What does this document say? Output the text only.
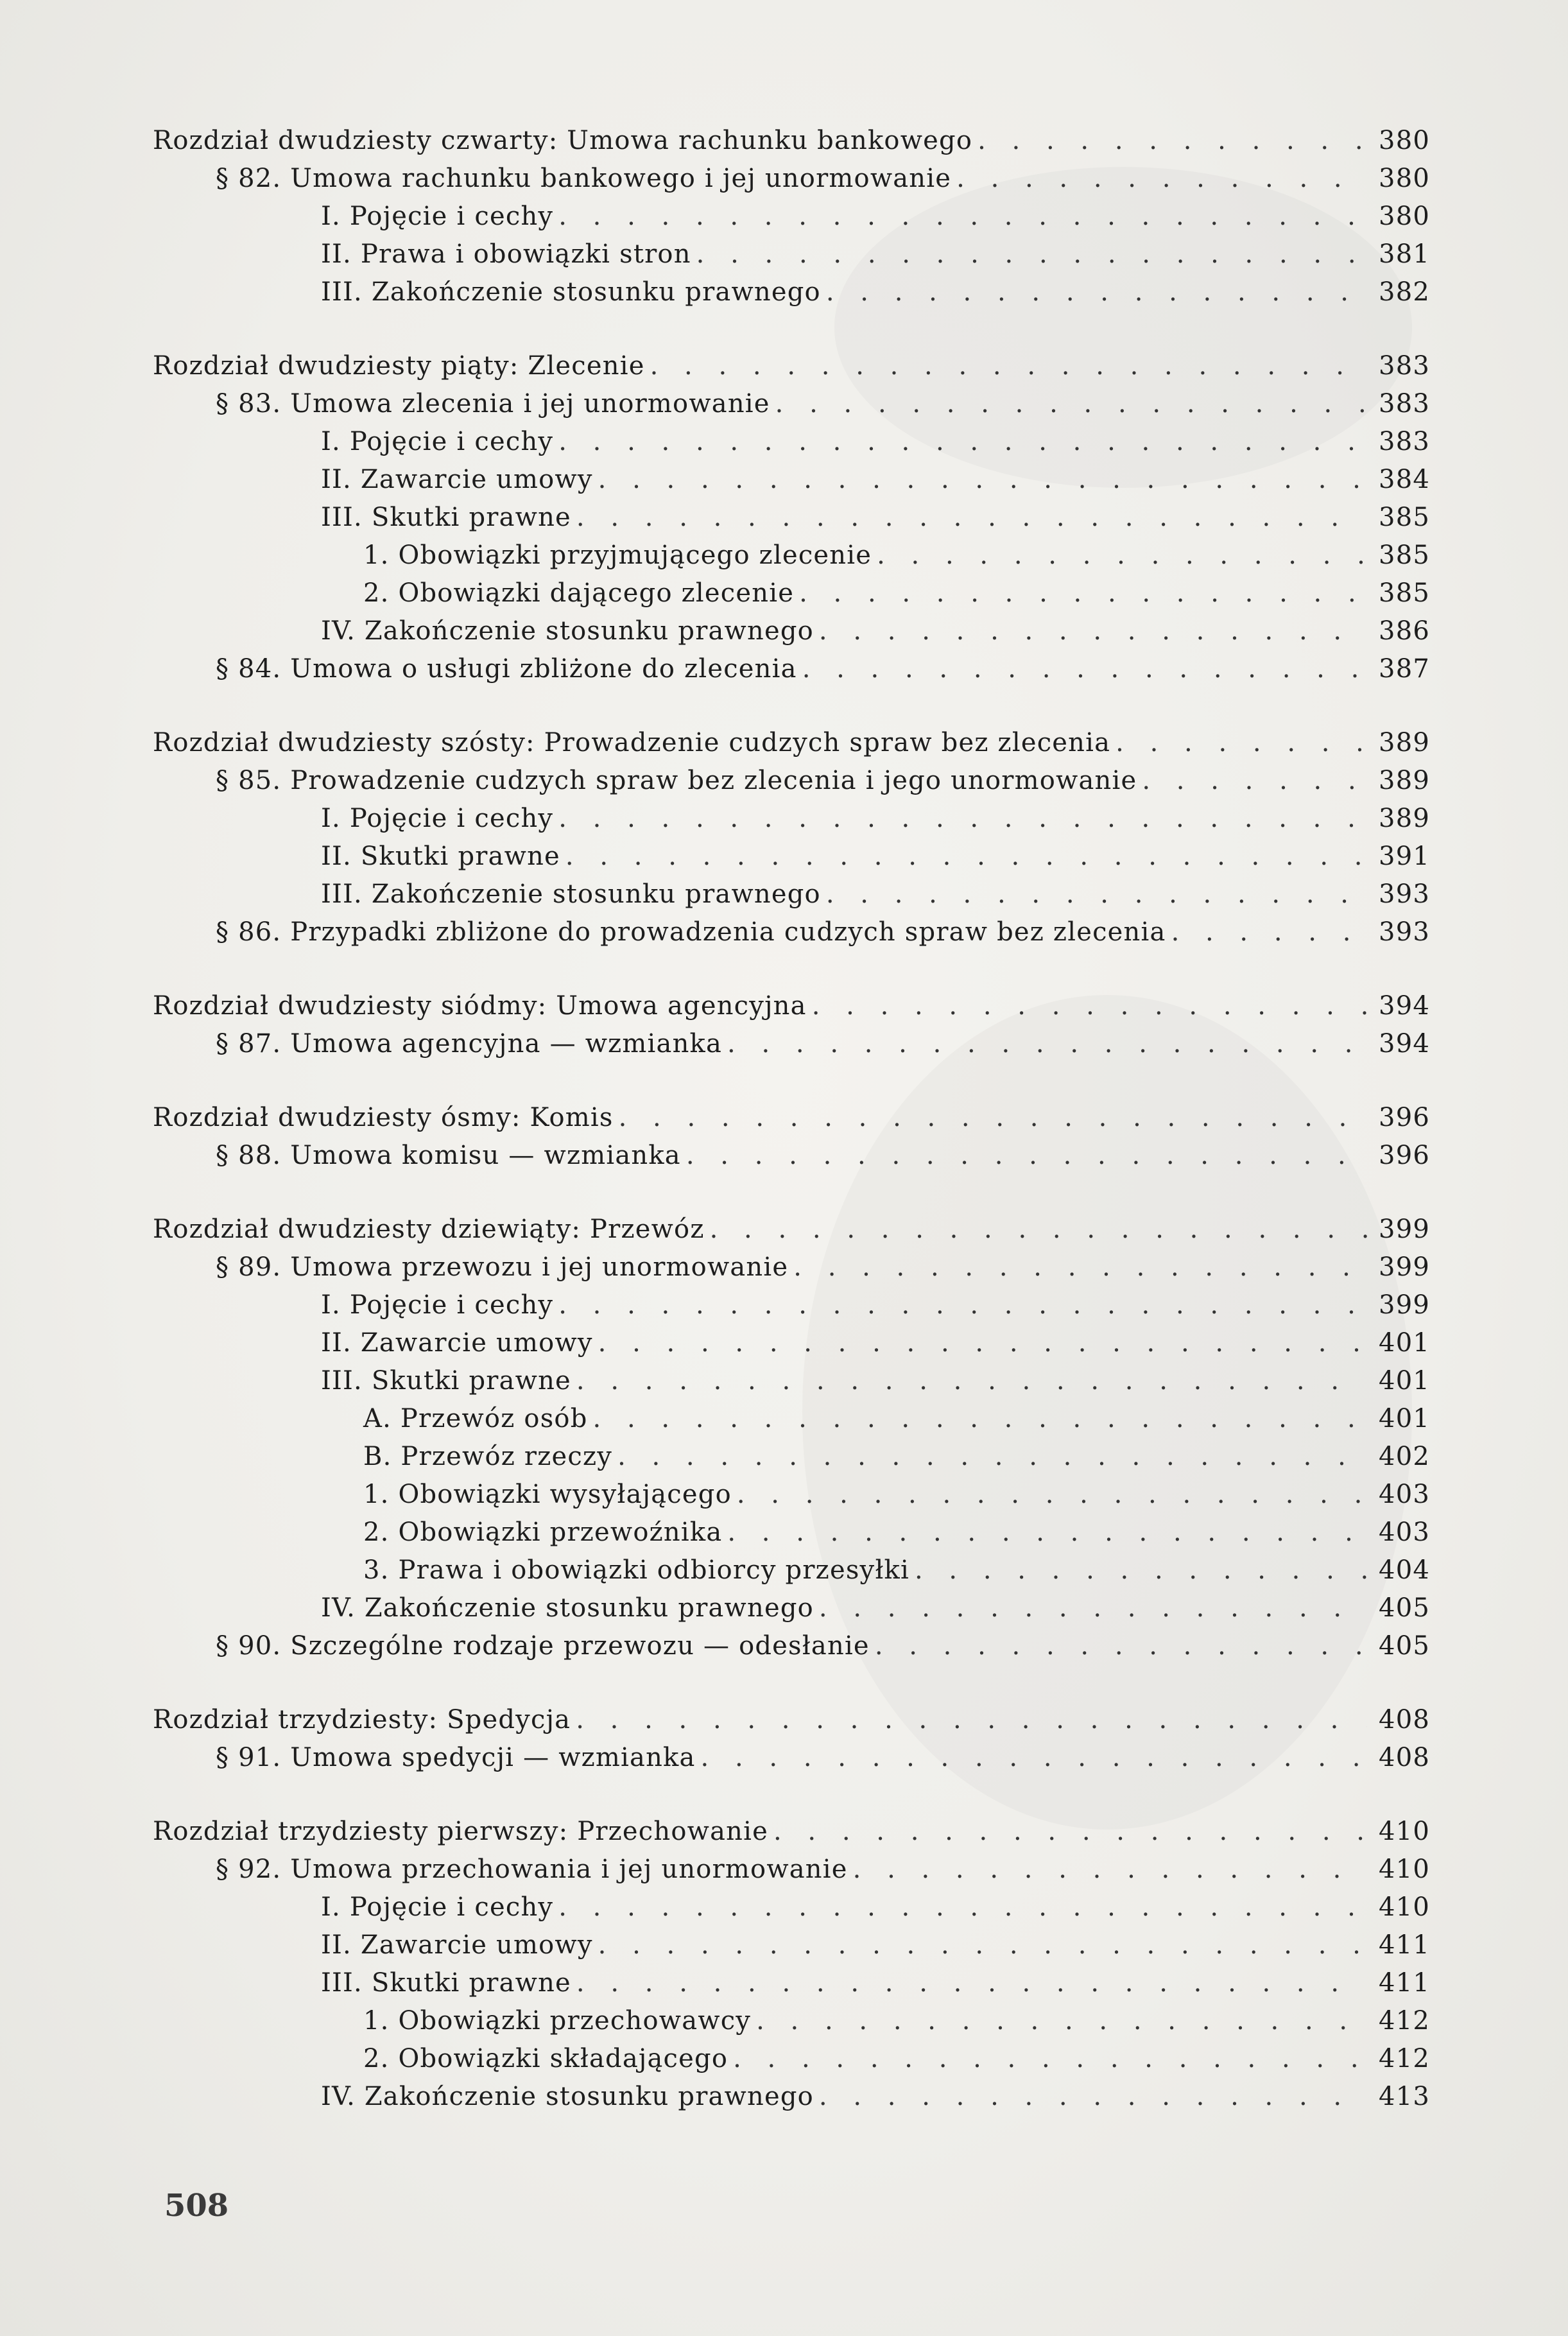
Rozdział dwudziesty czwarty: Umowa rachunku bankowego . . .	380
§ 82. Umowa rachunku bankowego i jej unormowanie . . .	380
I. Pojęcie i cechy . . .	380
II. Prawa i obowiązki stron . . .	381
III. Zakończenie stosunku prawnego . . .	382
Rozdział dwudziesty piąty: Zlecenie . . .	383
§ 83. Umowa zlecenia i jej unormowanie . . .	383
I. Pojęcie i cechy . . .	383
II. Zawarcie umowy . . .	384
III. Skutki prawne . . .	385
1. Obowiązki przyjmującego zlecenie . . .	385
2. Obowiązki dającego zlecenie . . .	385
IV. Zakończenie stosunku prawnego . . .	386
§ 84. Umowa o usługi zbliżone do zlecenia . . .	387
Rozdział dwudziesty szósty: Prowadzenie cudzych spraw bez zlecenia . . .	389
§ 85. Prowadzenie cudzych spraw bez zlecenia i jego unormowanie . . .	389
I. Pojęcie i cechy . . .	389
II. Skutki prawne . . .	391
III. Zakończenie stosunku prawnego . . .	393
§ 86. Przypadki zbliżone do prowadzenia cudzych spraw bez zlecenia . . .	393
Rozdział dwudziesty siódmy: Umowa agencyjna . . .	394
§ 87. Umowa agencyjna — wzmianka . . .	394
Rozdział dwudziesty ósmy: Komis . . .	396
§ 88. Umowa komisu — wzmianka . . .	396
Rozdział dwudziesty dziewiąty: Przewóz . . .	399
§ 89. Umowa przewozu i jej unormowanie . . .	399
I. Pojęcie i cechy . . .	399
II. Zawarcie umowy . . .	401
III. Skutki prawne . . .	401
A. Przewóz osób . . .	401
B. Przewóz rzeczy . . .	402
1. Obowiązki wysyłającego . . .	403
2. Obowiązki przewoźnika . . .	403
3. Prawa i obowiązki odbiorcy przesyłki . . .	404
IV. Zakończenie stosunku prawnego . . .	405
§ 90. Szczególne rodzaje przewozu — odesłanie . . .	405
Rozdział trzydziesty: Spedycja . . .	408
§ 91. Umowa spedycji — wzmianka . . .	408
Rozdział trzydziesty pierwszy: Przechowanie . . .	410
§ 92. Umowa przechowania i jej unormowanie . . .	410
I. Pojęcie i cechy . . .	410
II. Zawarcie umowy . . .	411
III. Skutki prawne . . .	411
1. Obowiązki przechowawcy . . .	412
2. Obowiązki składającego . . .	412
IV. Zakończenie stosunku prawnego . . .	413
508
